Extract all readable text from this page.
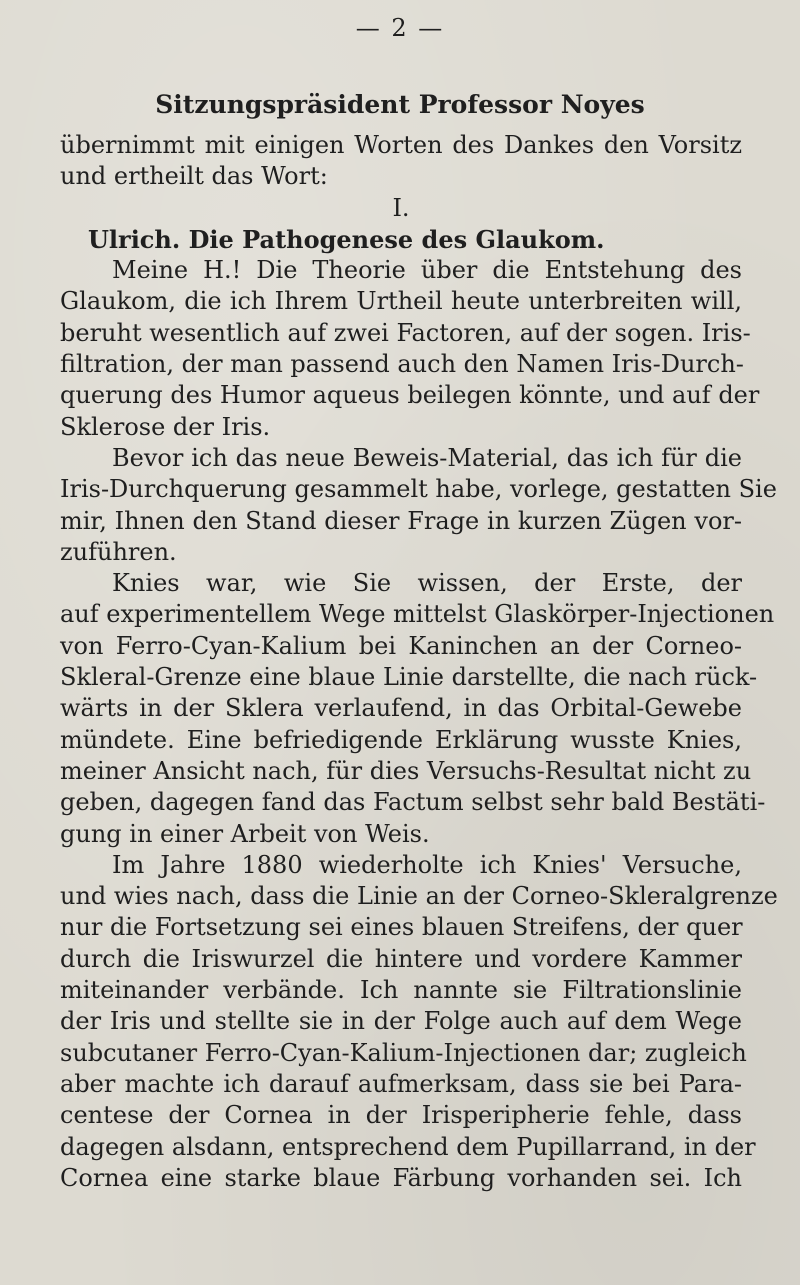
— 2 —
Sitzungspräsident Professor Noyes
übernimmt mit einigen Worten des Dankes den Vorsitz
und ertheilt das Wort:
I.
Ulrich. Die Pathogenese des Glaukom.
Meine H.! Die Theorie über die Entstehung des
Glaukom, die ich Ihrem Urtheil heute unterbreiten will,
beruht wesentlich auf zwei Factoren, auf der sogen. Iris-
filtration, der man passend auch den Namen Iris-Durch-
querung des Humor aqueus beilegen könnte, und auf der
Sklerose der Iris.
Bevor ich das neue Beweis-Material, das ich für die
Iris-Durchquerung gesammelt habe, vorlege, gestatten Sie
mir, Ihnen den Stand dieser Frage in kurzen Zügen vor-
zuführen.
Knies war, wie Sie wissen, der Erste, der
auf experimentellem Wege mittelst Glaskörper-Injectionen
von Ferro-Cyan-Kalium bei Kaninchen an der Corneo-
Skleral-Grenze eine blaue Linie darstellte, die nach rück-
wärts in der Sklera verlaufend, in das Orbital-Gewebe
mündete. Eine befriedigende Erklärung wusste Knies,
meiner Ansicht nach, für dies Versuchs-Resultat nicht zu
geben, dagegen fand das Factum selbst sehr bald Bestäti-
gung in einer Arbeit von Weis.
Im Jahre 1880 wiederholte ich Knies' Versuche,
und wies nach, dass die Linie an der Corneo-Skleralgrenze
nur die Fortsetzung sei eines blauen Streifens, der quer
durch die Iriswurzel die hintere und vordere Kammer
miteinander verbände. Ich nannte sie Filtrationslinie
der Iris und stellte sie in der Folge auch auf dem Wege
subcutaner Ferro-Cyan-Kalium-Injectionen dar; zugleich
aber machte ich darauf aufmerksam, dass sie bei Para-
centese der Cornea in der Irisperipherie fehle, dass
dagegen alsdann, entsprechend dem Pupillarrand, in der
Cornea eine starke blaue Färbung vorhanden sei. Ich
